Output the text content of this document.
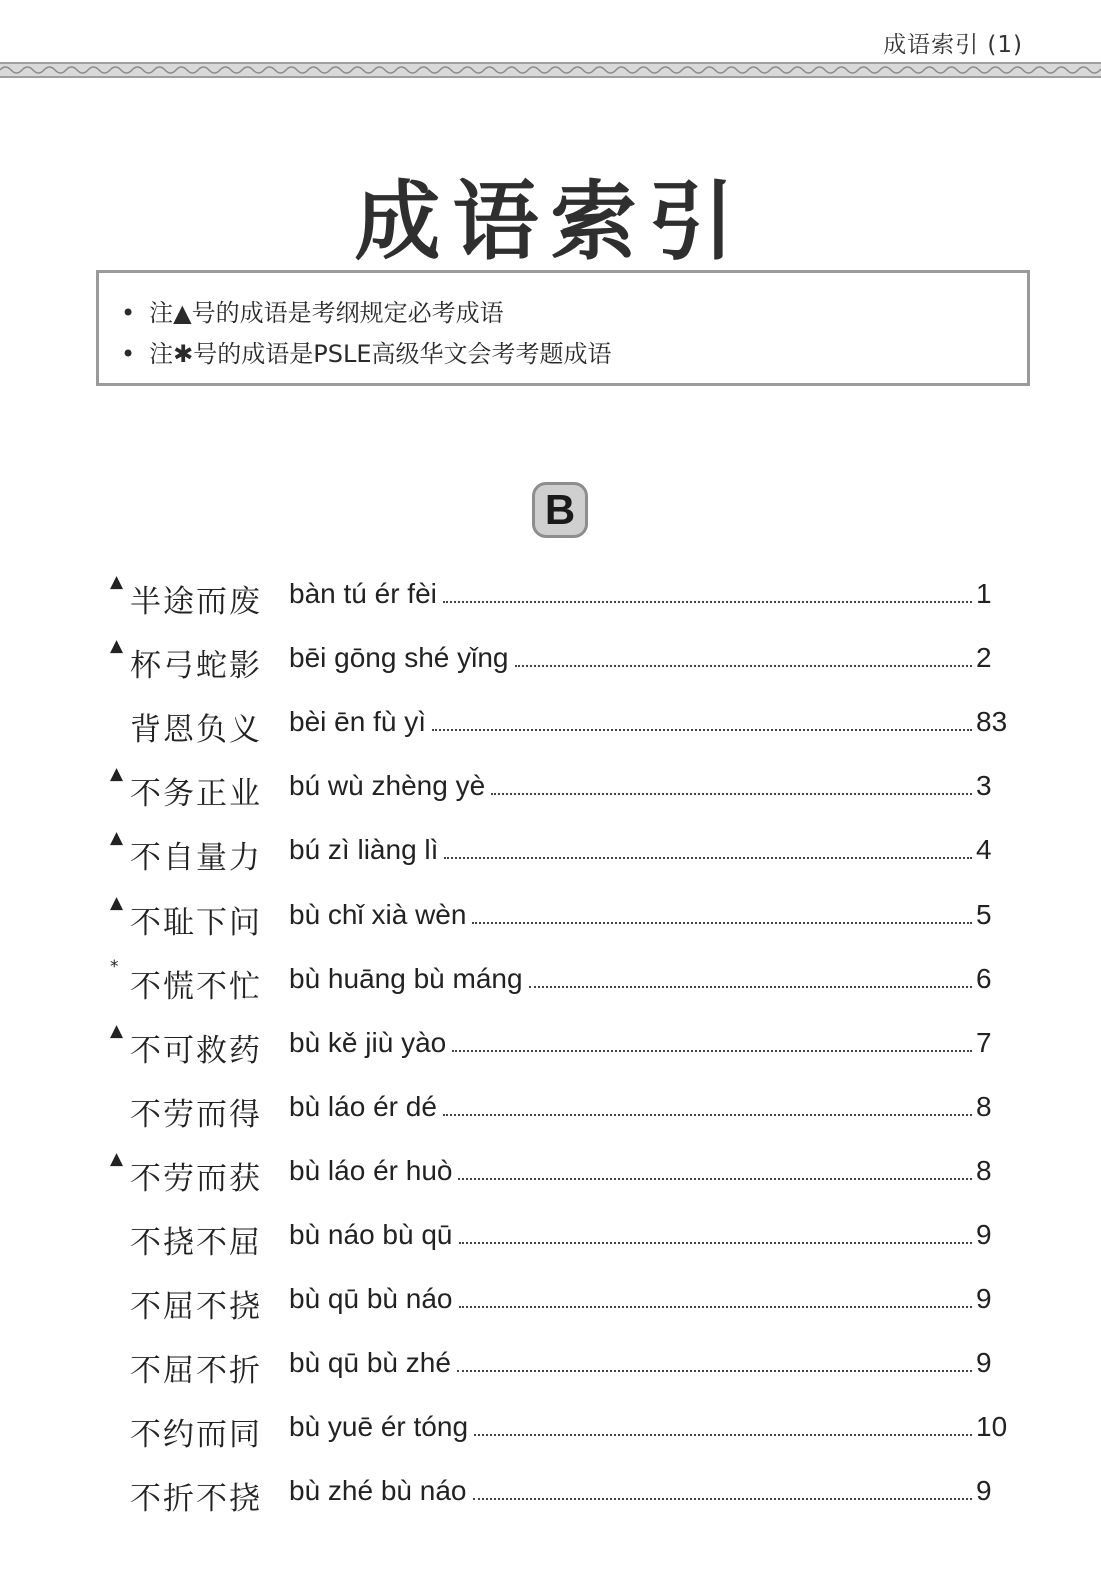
成语索引 (1)
成语索引
• 注▲号的成语是考纲规定必考成语
• 注✱号的成语是PSLE高级华文会考考题成语
B
▲
半途而废 bàn tú ér fèi	1
▲
杯弓蛇影 bēi gōng shé yǐng	2
背恩负义 bèi ēn fù yì	83
▲
不务正业 bú wù zhèng yè	3
▲
不自量力 bú zì liàng lì	4
▲
不耻下问 bù chǐ xià wèn	5
*
不慌不忙 bù huāng bù máng	6
▲
不可救药 bù kě jiù yào	7
不劳而得 bù láo ér dé	8
▲
不劳而获 bù láo ér huò	8
不挠不屈 bù náo bù qū	9
不屈不挠 bù qū bù náo	9
不屈不折 bù qū bù zhé	9
不约而同 bù yuē ér tóng	10
不折不挠 bù zhé bù náo	9
